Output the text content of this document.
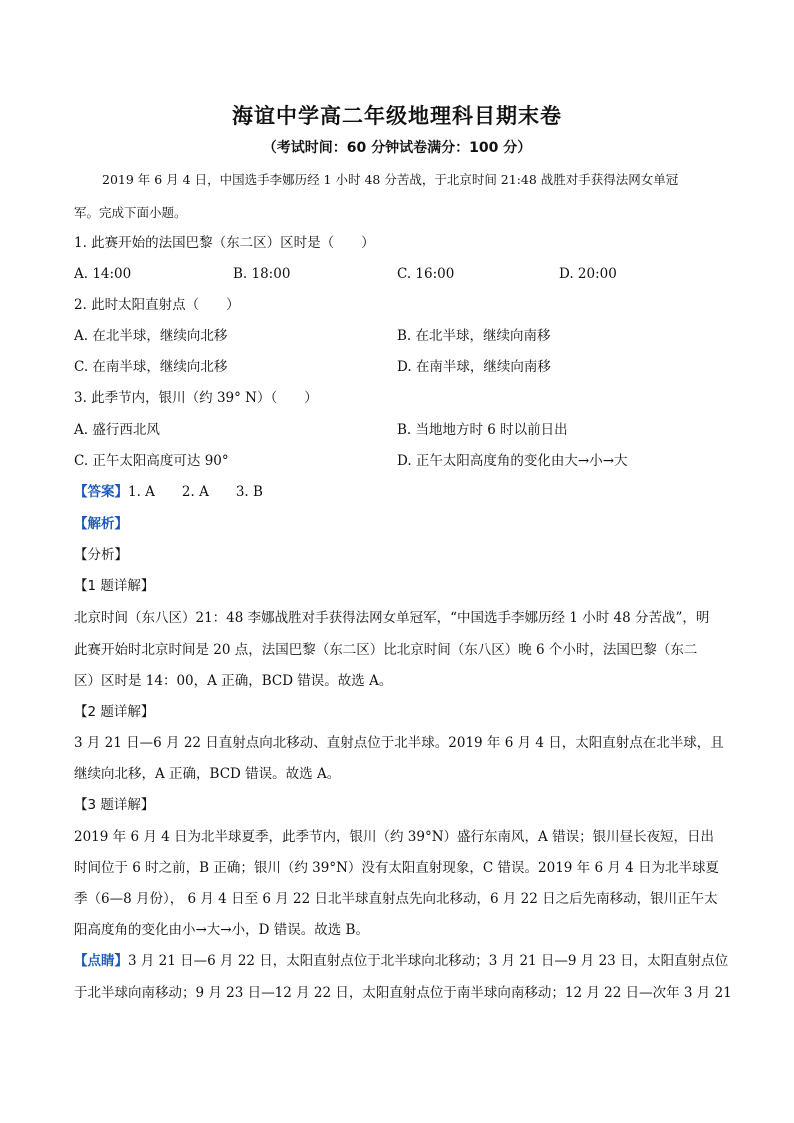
海谊中学高二年级地理科目期末卷
（考试时间：60 分钟试卷满分：100 分）
2019 年 6 月 4 日，中国选手李娜历经 1 小时 48 分苦战，于北京时间 21:48 战胜对手获得法网女单冠
军。完成下面小题。
1. 此赛开始的法国巴黎（东二区）区时是（　　）
A. 14:00	B. 18:00	C. 16:00	D. 20:00
2. 此时太阳直射点（　　）
A. 在北半球，继续向北移	B. 在北半球，继续向南移
C. 在南半球，继续向北移	D. 在南半球，继续向南移
3. 此季节内，银川（约 39° N）（　　）
A. 盛行西北风	B. 当地地方时 6 时以前日出
C. 正午太阳高度可达 90°	D. 正午太阳高度角的变化由大→小→大
【答案】1. A　　2. A　　3. B
【解析】
【分析】
【1 题详解】
北京时间（东八区）21：48 李娜战胜对手获得法网女单冠军，“中国选手李娜历经 1 小时 48 分苦战”，明
此赛开始时北京时间是 20 点，法国巴黎（东二区）比北京时间（东八区）晚 6 个小时，法国巴黎（东二
区）区时是 14：00，A 正确，BCD 错误。故选 A。
【2 题详解】
3 月 21 日—6 月 22 日直射点向北移动、直射点位于北半球。2019 年 6 月 4 日，太阳直射点在北半球，且
继续向北移，A 正确，BCD 错误。故选 A。
【3 题详解】
2019 年 6 月 4 日为北半球夏季，此季节内，银川（约 39°N）盛行东南风，A 错误；银川昼长夜短，日出
时间位于 6 时之前，B 正确；银川（约 39°N）没有太阳直射现象，C 错误。2019 年 6 月 4 日为北半球夏
季（6—8 月份）， 6 月 4 日至 6 月 22 日北半球直射点先向北移动，6 月 22 日之后先南移动，银川正午太
阳高度角的变化由小→大→小，D 错误。故选 B。
【点睛】3 月 21 日—6 月 22 日，太阳直射点位于北半球向北移动；3 月 21 日—9 月 23 日，太阳直射点位
于北半球向南移动；9 月 23 日—12 月 22 日，太阳直射点位于南半球向南移动；12 月 22 日—次年 3 月 21
